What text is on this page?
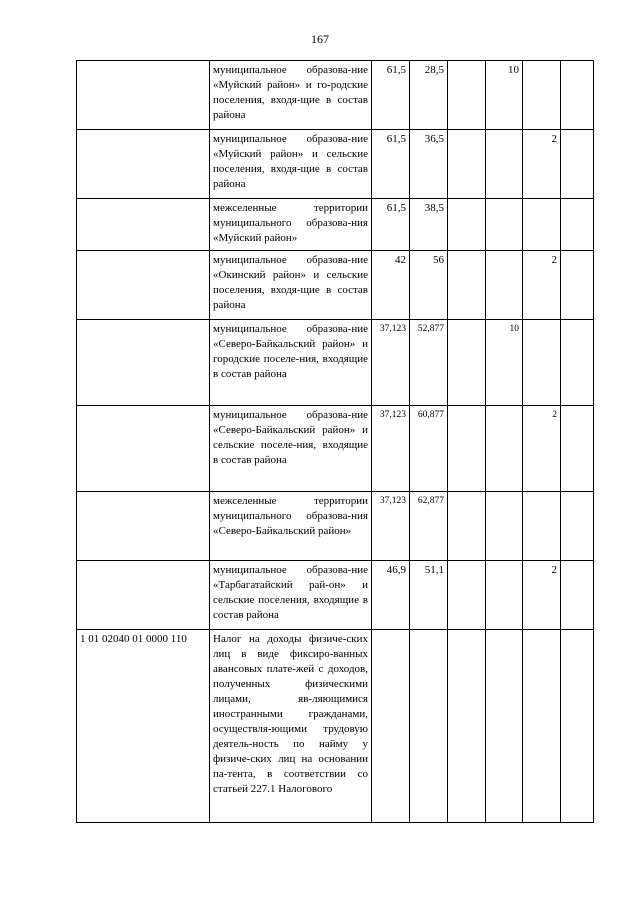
167
	муниципальное образова-ние «Муйский район» и го-родские поселения, входя-щие в состав района	61,5	28,5		10		
	муниципальное образова-ние «Муйский район» и сельские поселения, входя-щие в состав района	61,5	36,5			2	
	межселенные территории муниципального образова-ния «Муйский район»	61,5	38,5				
	муниципальное образова-ние «Окинский район» и сельские поселения, входя-щие в состав района	42	56			2	
	муниципальное образова-ние «Северо-Байкальский район» и городские поселе-ния, входящие в состав района	37,123	52,877		10		
	муниципальное образова-ние «Северо-Байкальский район» и сельские поселе-ния, входящие в состав района	37,123	60,877			2	
	межселенные территории муниципального образова-ния «Северо-Байкальский район»	37,123	62,877				
	муниципальное образова-ние «Тарбагатайский рай-он» и сельские поселения, входящие в состав района	46,9	51,1			2	
1 01 02040 01 0000 110	Налог на доходы физиче-ских лиц в виде фиксиро-ванных авансовых плате-жей с доходов, полученных физическими лицами, яв-ляющимися иностранными гражданами, осуществля-ющими трудовую деятель-ность по найму у физиче-ских лиц на основании па-тента, в соответствии со статьей 227.1 Налогового						
